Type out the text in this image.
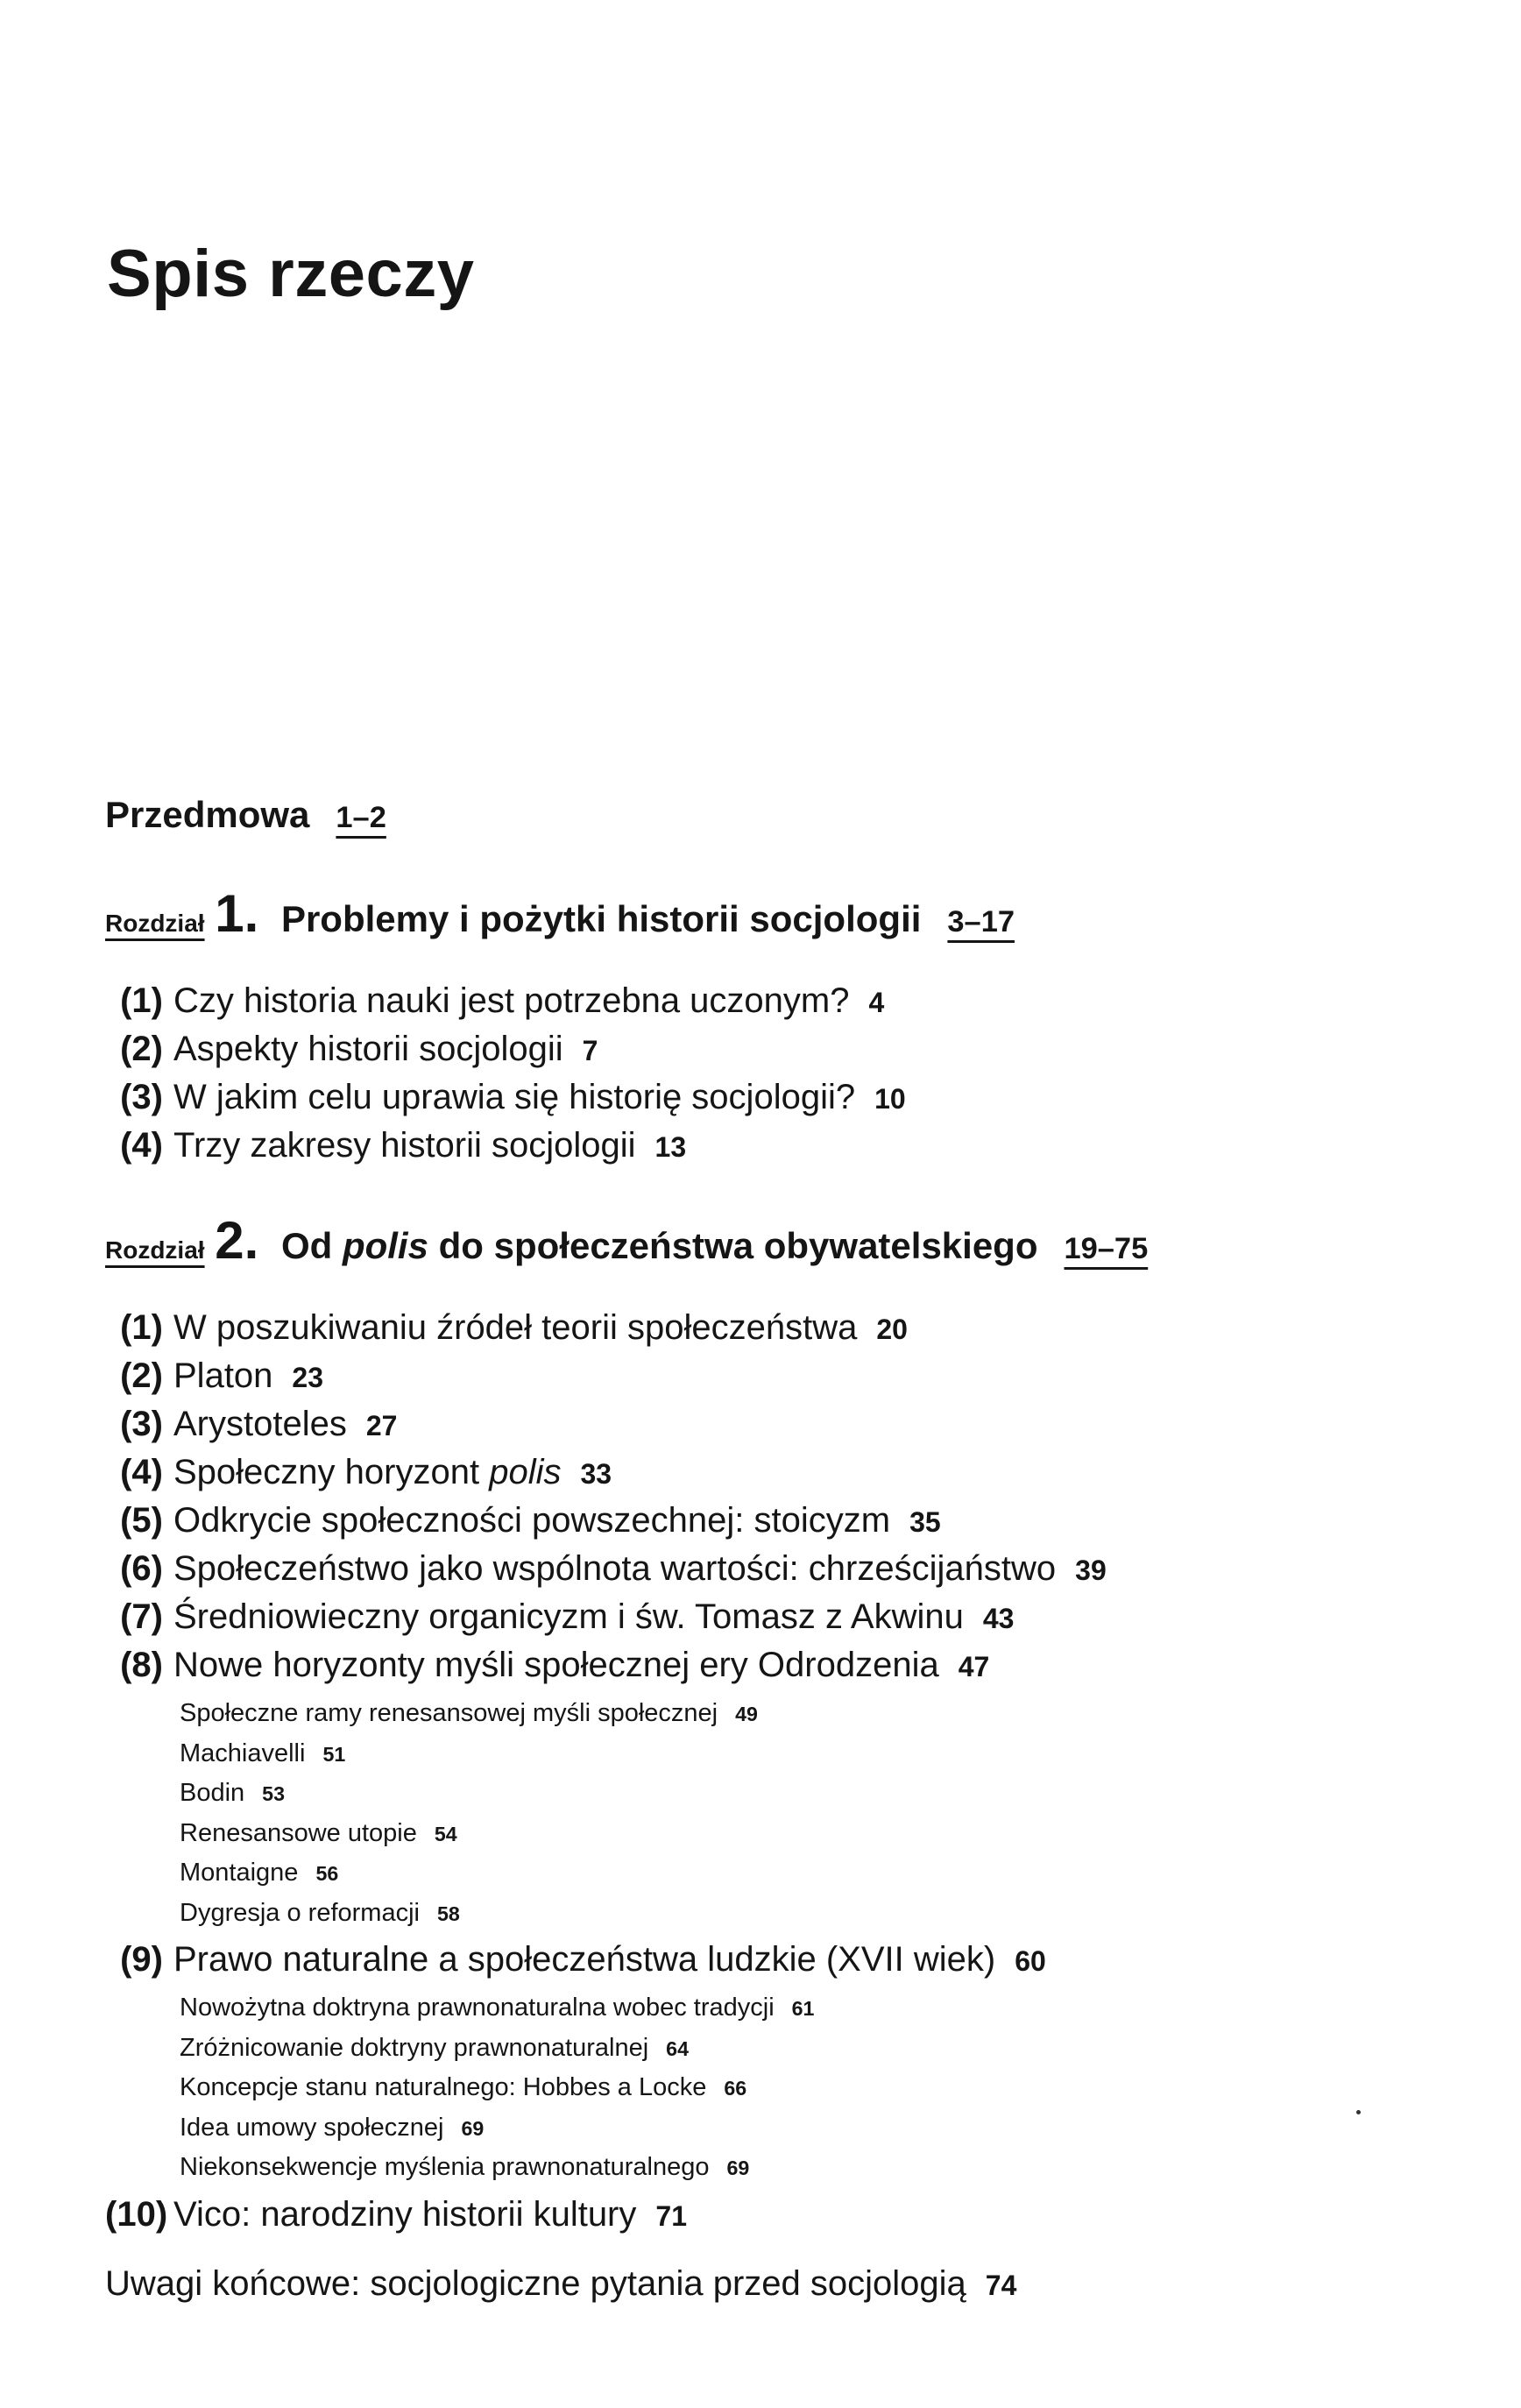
Spis rzeczy
Przedmowa 1–2
Rozdział 1. Problemy i pożytki historii socjologii 3–17
(1) Czy historia nauki jest potrzebna uczonym? 4
(2) Aspekty historii socjologii 7
(3) W jakim celu uprawia się historię socjologii? 10
(4) Trzy zakresy historii socjologii 13
Rozdział 2. Od polis do społeczeństwa obywatelskiego 19–75
(1) W poszukiwaniu źródeł teorii społeczeństwa 20
(2) Platon 23
(3) Arystoteles 27
(4) Społeczny horyzont polis 33
(5) Odkrycie społeczności powszechnej: stoicyzm 35
(6) Społeczeństwo jako wspólnota wartości: chrześcijaństwo 39
(7) Średniowieczny organicyzm i św. Tomasz z Akwinu 43
(8) Nowe horyzonty myśli społecznej ery Odrodzenia 47
Społeczne ramy renesansowej myśli społecznej 49
Machiavelli 51
Bodin 53
Renesansowe utopie 54
Montaigne 56
Dygresja o reformacji 58
(9) Prawo naturalne a społeczeństwa ludzkie (XVII wiek) 60
Nowożytna doktryna prawnonaturalna wobec tradycji 61
Zróżnicowanie doktryny prawnonaturalnej 64
Koncepcje stanu naturalnego: Hobbes a Locke 66
Idea umowy społecznej 69
Niekonsekwencje myślenia prawnonaturalnego 69
(10) Vico: narodziny historii kultury 71
Uwagi końcowe: socjologiczne pytania przed socjologią 74
